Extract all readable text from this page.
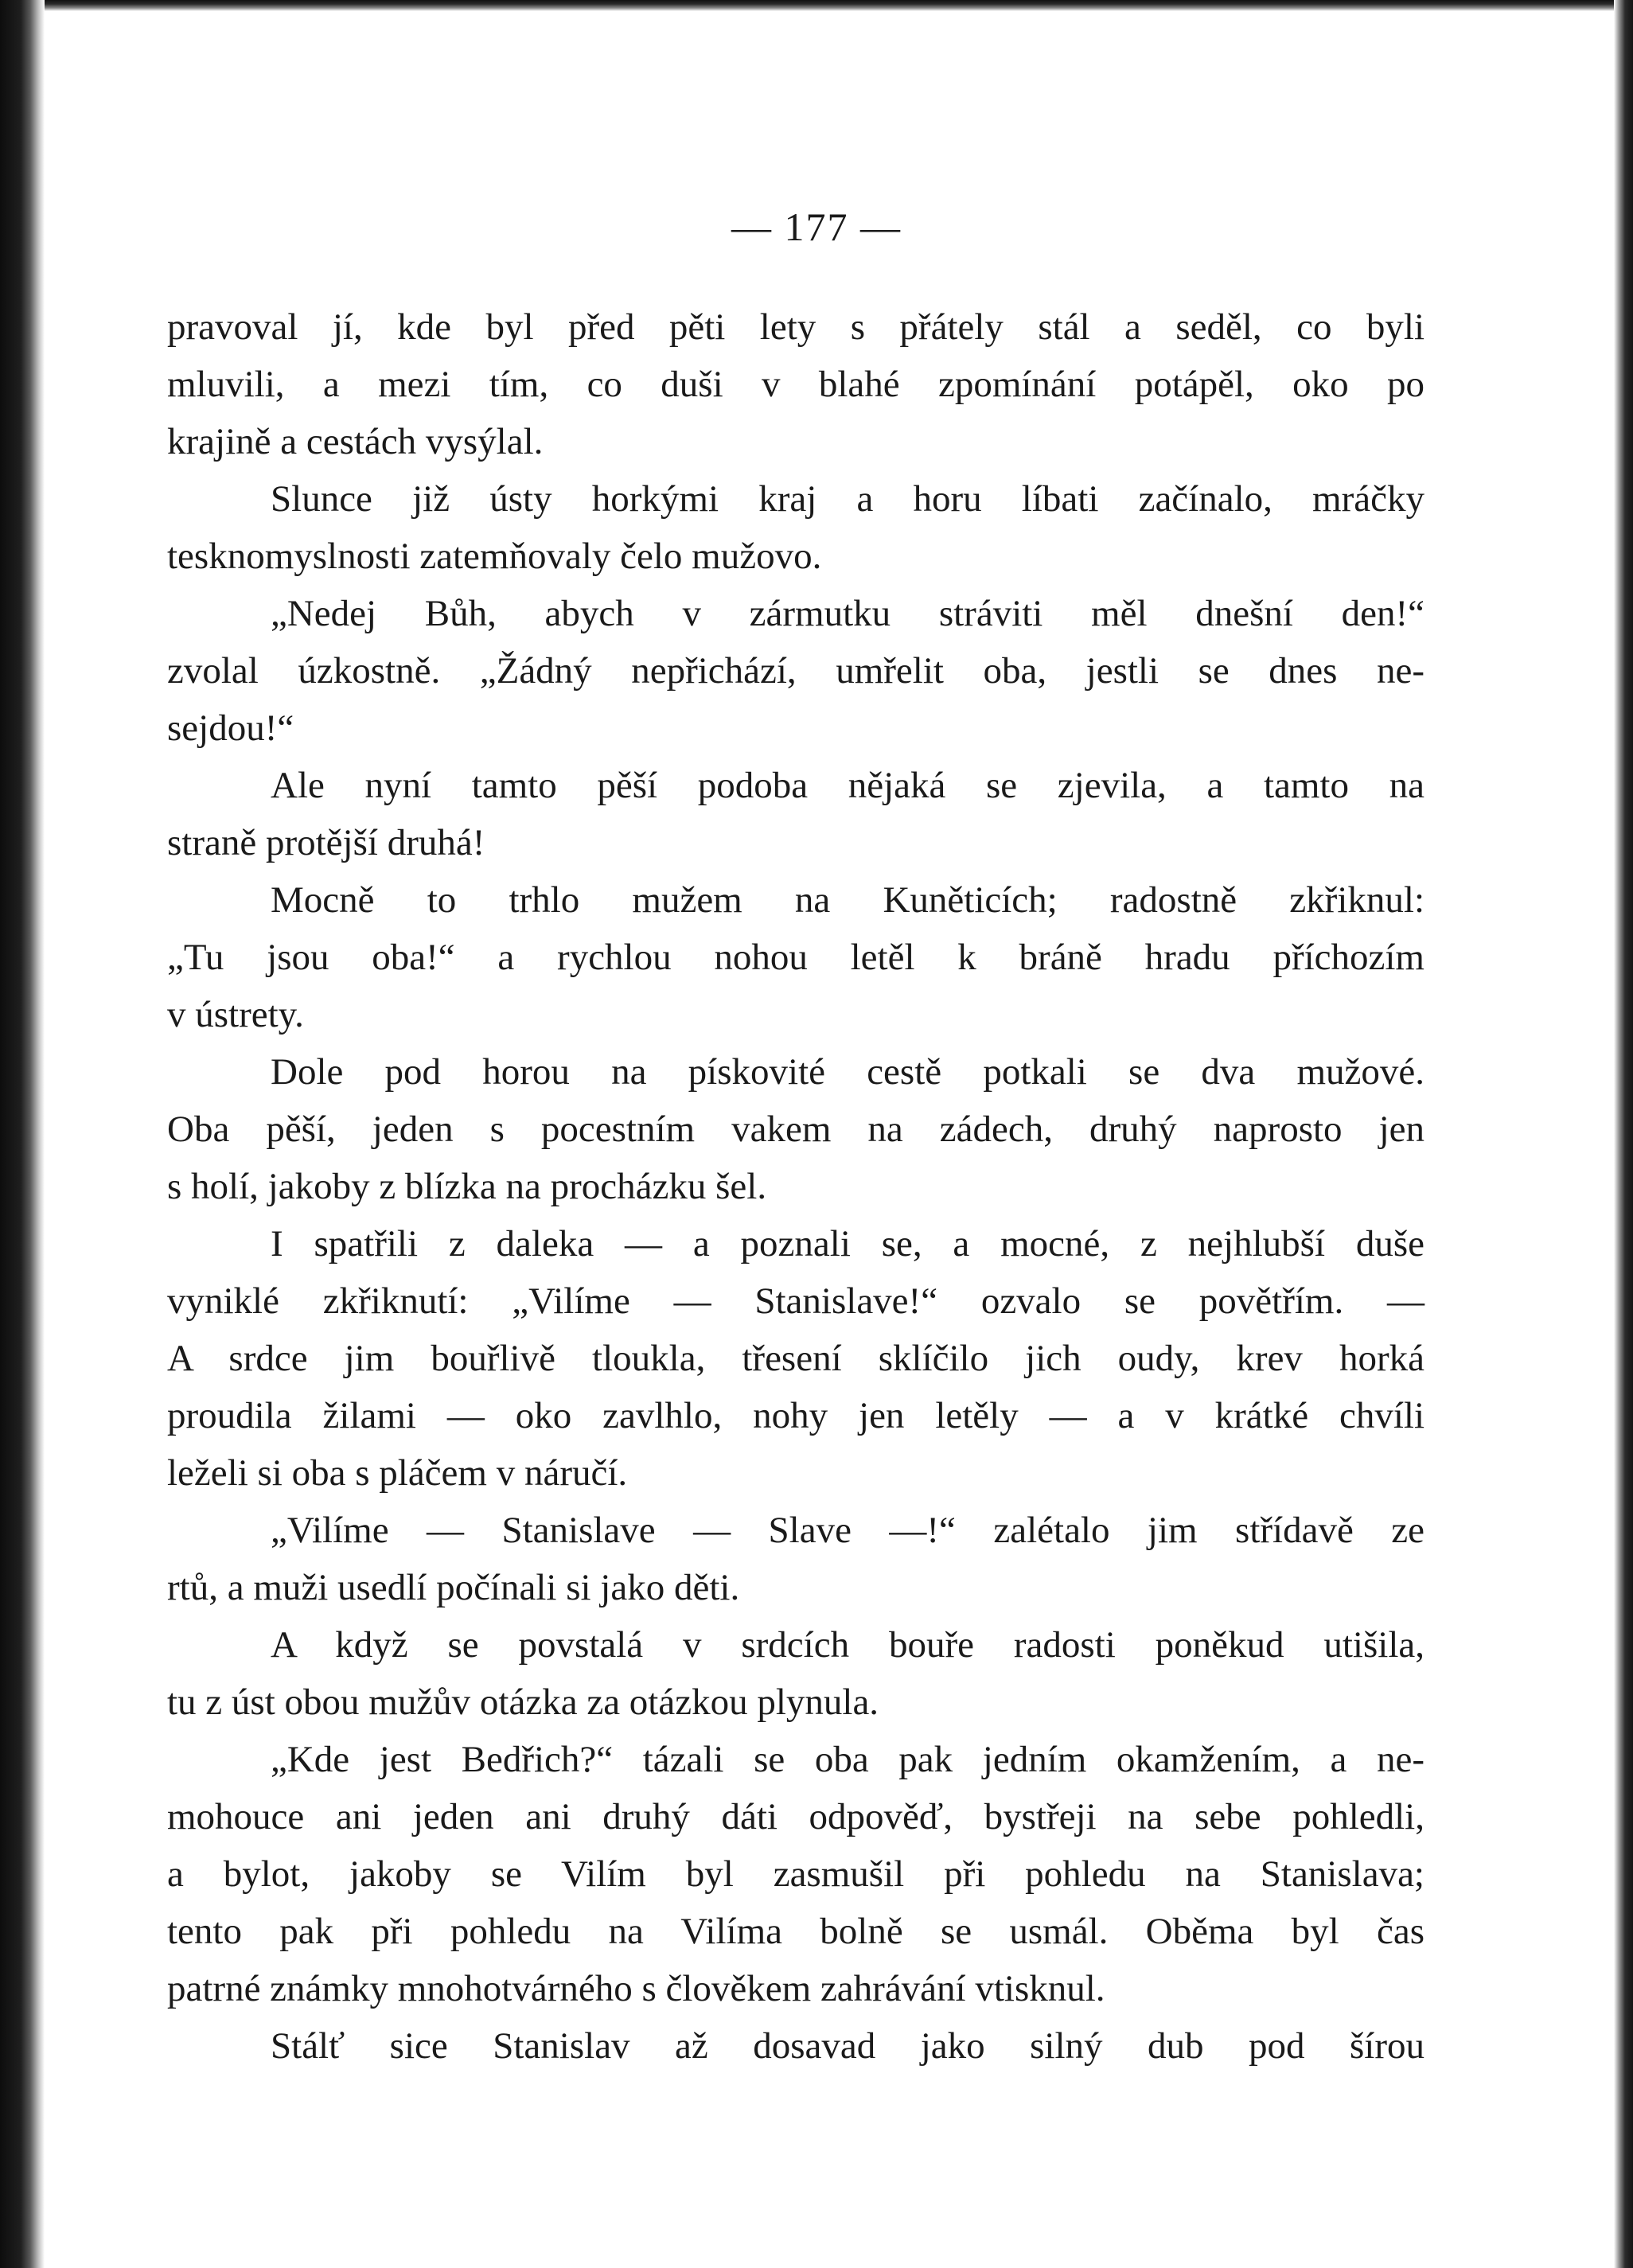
— 177 —
pravoval jí, kde byl před pěti lety s přátely stál a seděl, co byli
mluvili, a mezi tím, co duši v blahé zpomínání potápěl, oko po
krajině a cestách vysýlal.
Slunce již ústy horkými kraj a horu líbati začínalo, mráčky
tesknomyslnosti zatemňovaly čelo mužovo.
„Nedej Bůh, abych v zármutku stráviti měl dnešní den!“
zvolal úzkostně. „Žádný nepřichází, umřelit oba, jestli se dnes ne-
sejdou!“
Ale nyní tamto pěší podoba nějaká se zjevila, a tamto na
straně protější druhá!
Mocně to trhlo mužem na Kuněticích; radostně zkřiknul:
„Tu jsou oba!“ a rychlou nohou letěl k bráně hradu příchozím
v ústrety.
Dole pod horou na pískovité cestě potkali se dva mužové.
Oba pěší, jeden s pocestním vakem na zádech, druhý naprosto jen
s holí, jakoby z blízka na procházku šel.
I spatřili z daleka — a poznali se, a mocné, z nejhlubší duše
vyniklé zkřiknutí: „Vilíme — Stanislave!“ ozvalo se povětřím. —
A srdce jim bouřlivě tloukla, třesení sklíčilo jich oudy, krev horká
proudila žilami — oko zavlhlo, nohy jen letěly — a v krátké chvíli
leželi si oba s pláčem v náručí.
„Vilíme — Stanislave — Slave —!“ zalétalo jim střídavě ze
rtů, a muži usedlí počínali si jako děti.
A když se povstalá v srdcích bouře radosti poněkud utišila,
tu z úst obou mužův otázka za otázkou plynula.
„Kde jest Bedřich?“ tázali se oba pak jedním okamžením, a ne-
mohouce ani jeden ani druhý dáti odpověď, bystřeji na sebe pohledli,
a bylot, jakoby se Vilím byl zasmušil při pohledu na Stanislava;
tento pak při pohledu na Vilíma bolně se usmál. Oběma byl čas
patrné známky mnohotvárného s člověkem zahrávání vtisknul.
Stálť sice Stanislav až dosavad jako silný dub pod šírou
